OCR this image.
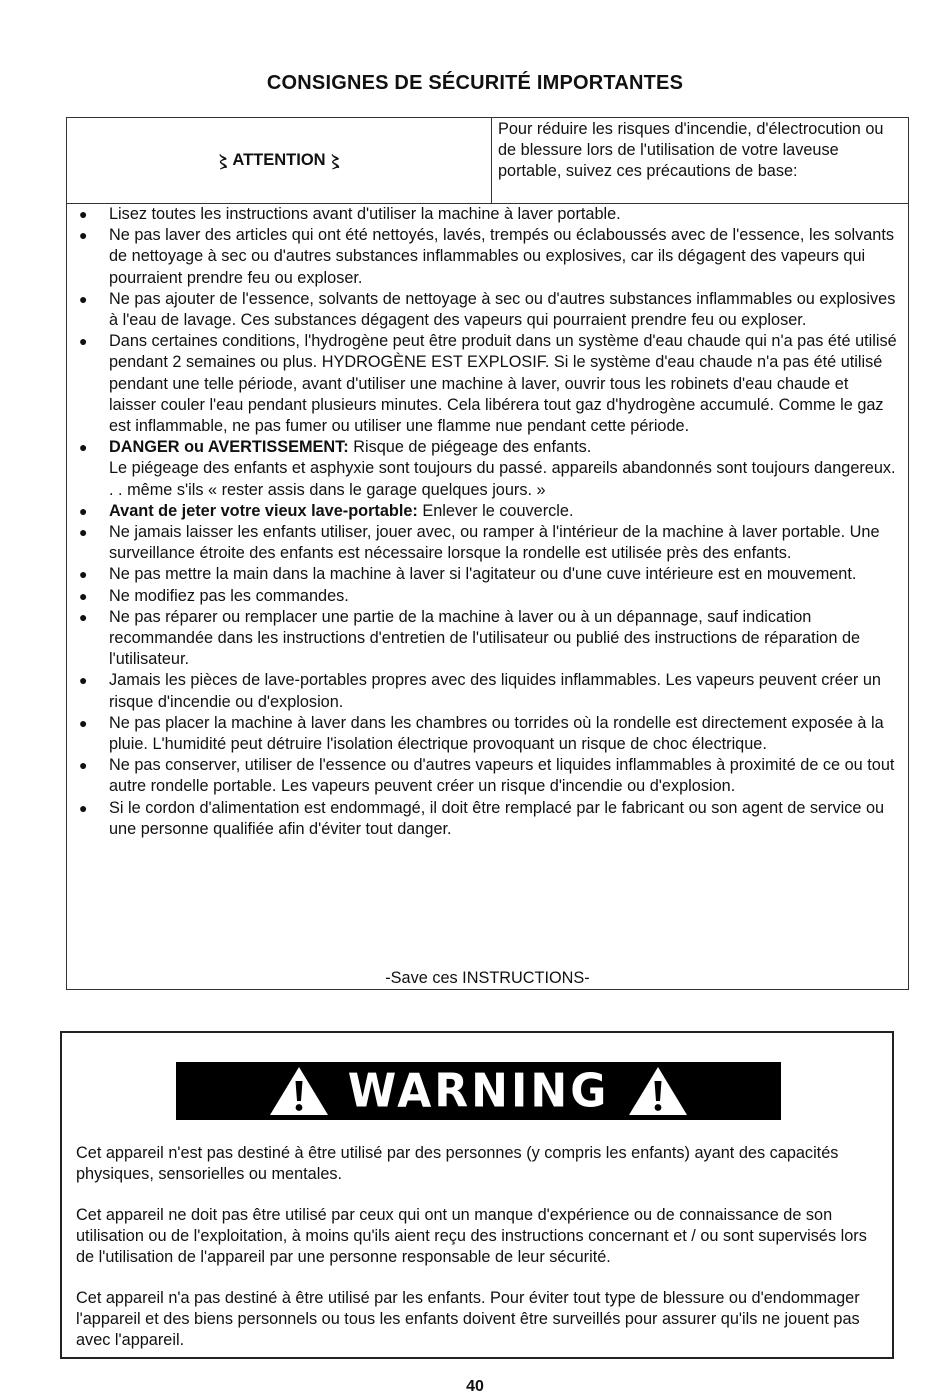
CONSIGNES DE SÉCURITÉ IMPORTANTES
〻 ATTENTION 〻
Pour réduire les risques d'incendie, d'électrocution ou de blessure lors de l'utilisation de votre laveuse portable, suivez ces précautions de base:
● Lisez toutes les instructions avant d'utiliser la machine à laver portable.
● Ne pas laver des articles qui ont été nettoyés, lavés, trempés ou éclaboussés avec de l'essence, les solvants de nettoyage à sec ou d'autres substances inflammables ou explosives, car ils dégagent des vapeurs qui pourraient prendre feu ou exploser.
● Ne pas ajouter de l'essence, solvants de nettoyage à sec ou d'autres substances inflammables ou explosives à l'eau de lavage. Ces substances dégagent des vapeurs qui pourraient prendre feu ou exploser.
● Dans certaines conditions, l'hydrogène peut être produit dans un système d'eau chaude qui n'a pas été utilisé pendant 2 semaines ou plus. HYDROGÈNE EST EXPLOSIF. Si le système d'eau chaude n'a pas été utilisé pendant une telle période, avant d'utiliser une machine à laver, ouvrir tous les robinets d'eau chaude et laisser couler l'eau pendant plusieurs minutes. Cela libérera tout gaz d'hydrogène accumulé. Comme le gaz est inflammable, ne pas fumer ou utiliser une flamme nue pendant cette période.
● DANGER ou AVERTISSEMENT: Risque de piégeage des enfants.
Le piégeage des enfants et asphyxie sont toujours du passé. appareils abandonnés sont toujours dangereux. . . même s'ils « rester assis dans le garage quelques jours. »
● Avant de jeter votre vieux lave-portable: Enlever le couvercle.
● Ne jamais laisser les enfants utiliser, jouer avec, ou ramper à l'intérieur de la machine à laver portable. Une surveillance étroite des enfants est nécessaire lorsque la rondelle est utilisée près des enfants.
● Ne pas mettre la main dans la machine à laver si l'agitateur ou d'une cuve intérieure est en mouvement.
● Ne modifiez pas les commandes.
● Ne pas réparer ou remplacer une partie de la machine à laver ou à un dépannage, sauf indication recommandée dans les instructions d'entretien de l'utilisateur ou publié des instructions de réparation de l'utilisateur.
● Jamais les pièces de lave-portables propres avec des liquides inflammables. Les vapeurs peuvent créer un risque d'incendie ou d'explosion.
● Ne pas placer la machine à laver dans les chambres ou torrides où la rondelle est directement exposée à la pluie. L'humidité peut détruire l'isolation électrique provoquant un risque de choc électrique.
● Ne pas conserver, utiliser de l'essence ou d'autres vapeurs et liquides inflammables à proximité de ce ou tout autre rondelle portable. Les vapeurs peuvent créer un risque d'incendie ou d'explosion.
● Si le cordon d'alimentation est endommagé, il doit être remplacé par le fabricant ou son agent de service ou une personne qualifiée afin d'éviter tout danger.
-Save ces INSTRUCTIONS-
WARNING

Cet appareil n'est pas destiné à être utilisé par des personnes (y compris les enfants) ayant des capacités physiques, sensorielles ou mentales.

Cet appareil ne doit pas être utilisé par ceux qui ont un manque d'expérience ou de connaissance de son utilisation ou de l'exploitation, à moins qu'ils aient reçu des instructions concernant et / ou sont supervisés lors de l'utilisation de l'appareil par une personne responsable de leur sécurité.

Cet appareil n'a pas destiné à être utilisé par les enfants. Pour éviter tout type de blessure ou d'endommager l'appareil et des biens personnels ou tous les enfants doivent être surveillés pour assurer qu'ils ne jouent pas avec l'appareil.

40
